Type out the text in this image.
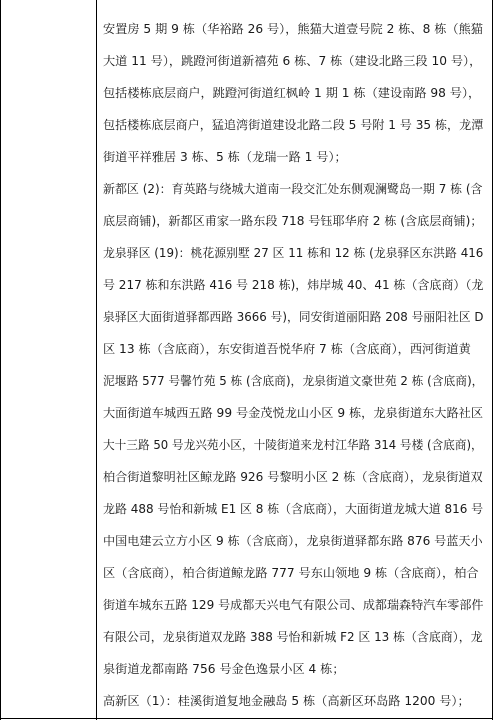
安置房 5 期 9 栋（华裕路 26 号），熊猫大道壹号院 2 栋、8 栋（熊猫
大道 11 号），跳蹬河街道新禧苑 6 栋、7 栋（建设北路三段 10 号），
包括楼栋底层商户，跳蹬河街道红枫岭 1 期 1 栋（建设南路 98 号），
包括楼栋底层商户，猛追湾街道建设北路二段 5 号附 1 号 35 栋，龙潭
街道平祥雅居 3 栋、5 栋（龙瑞一路 1 号）；
新都区 (2)：育英路与绕城大道南一段交汇处东侧观澜鹭岛一期 7 栋 (含
底层商铺)，新都区甫家一路东段 718 号钰耶华府 2 栋 (含底层商铺)；
龙泉驿区 (19)：桃花源别墅 27 区 11 栋和 12 栋 (龙泉驿区东洪路 416
号 217 栋和东洪路 416 号 218 栋)，炜岸城 40、41 栋（含底商）（龙
泉驿区大面街道驿都西路 3666 号)，同安街道丽阳路 208 号丽阳社区 D
区 13 栋（含底商），东安街道吾悦华府 7 栋（含底商），西河街道黄
泥堰路 577 号馨竹苑 5 栋 (含底商)，龙泉街道文豪世苑 2 栋 (含底商)，
大面街道车城西五路 99 号金茂悦龙山小区 9 栋，龙泉街道东大路社区
大十三路 50 号龙兴苑小区，十陵街道来龙村江华路 314 号楼 (含底商)，
柏合街道黎明社区鲸龙路 926 号黎明小区 2 栋（含底商），龙泉街道双
龙路 488 号怡和新城 E1 区 8 栋（含底商），大面街道龙城大道 816 号
中国电建云立方小区 9 栋（含底商），龙泉街道驿都东路 876 号蓝天小
区（含底商），柏合街道鲸龙路 777 号东山领地 9 栋（含底商），柏合
街道车城东五路 129 号成都天兴电气有限公司、成都瑞森特汽车零部件
有限公司，龙泉街道双龙路 388 号怡和新城 F2 区 13 栋（含底商），龙
泉街道龙都南路 756 号金色逸景小区 4 栋；
高新区（1）：桂溪街道复地金融岛 5 栋（高新区环岛路 1200 号）；
